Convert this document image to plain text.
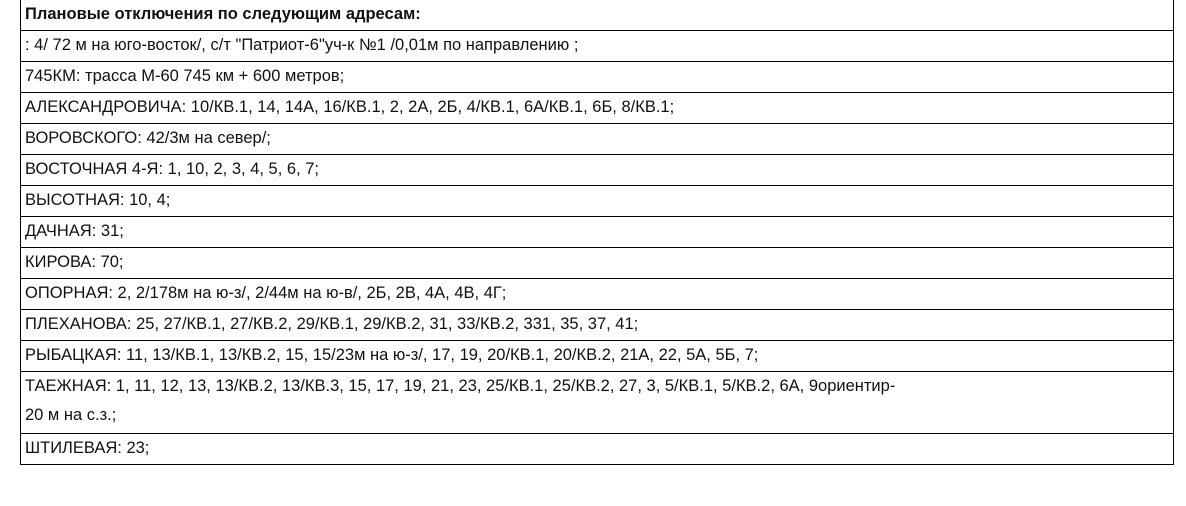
Плановые отключения по следующим адресам:
: 4/ 72 м на юго-восток/, с/т "Патриот-6"уч-к №1 /0,01м по направлению ;
745КМ: трасса М-60 745 км + 600 метров;
АЛЕКСАНДРОВИЧА: 10/КВ.1, 14, 14А, 16/КВ.1, 2, 2А, 2Б, 4/КВ.1, 6А/КВ.1, 6Б, 8/КВ.1;
ВОРОВСКОГО: 42/3м на север/;
ВОСТОЧНАЯ 4-Я: 1, 10, 2, 3, 4, 5, 6, 7;
ВЫСОТНАЯ: 10, 4;
ДАЧНАЯ: 31;
КИРОВА: 70;
ОПОРНАЯ: 2, 2/178м на ю-з/, 2/44м на ю-в/, 2Б, 2В, 4А, 4В, 4Г;
ПЛЕХАНОВА: 25, 27/КВ.1, 27/КВ.2, 29/КВ.1, 29/КВ.2, 31, 33/КВ.2, 331, 35, 37, 41;
РЫБАЦКАЯ: 11, 13/КВ.1, 13/КВ.2, 15, 15/23м на ю-з/, 17, 19, 20/КВ.1, 20/КВ.2, 21А, 22, 5А, 5Б, 7;
ТАЕЖНАЯ: 1, 11, 12, 13, 13/КВ.2, 13/КВ.3, 15, 17, 19, 21, 23, 25/КВ.1, 25/КВ.2, 27, 3, 5/КВ.1, 5/КВ.2, 6А, 9ориентир-
20 м на с.з.;
ШТИЛЕВАЯ: 23;
